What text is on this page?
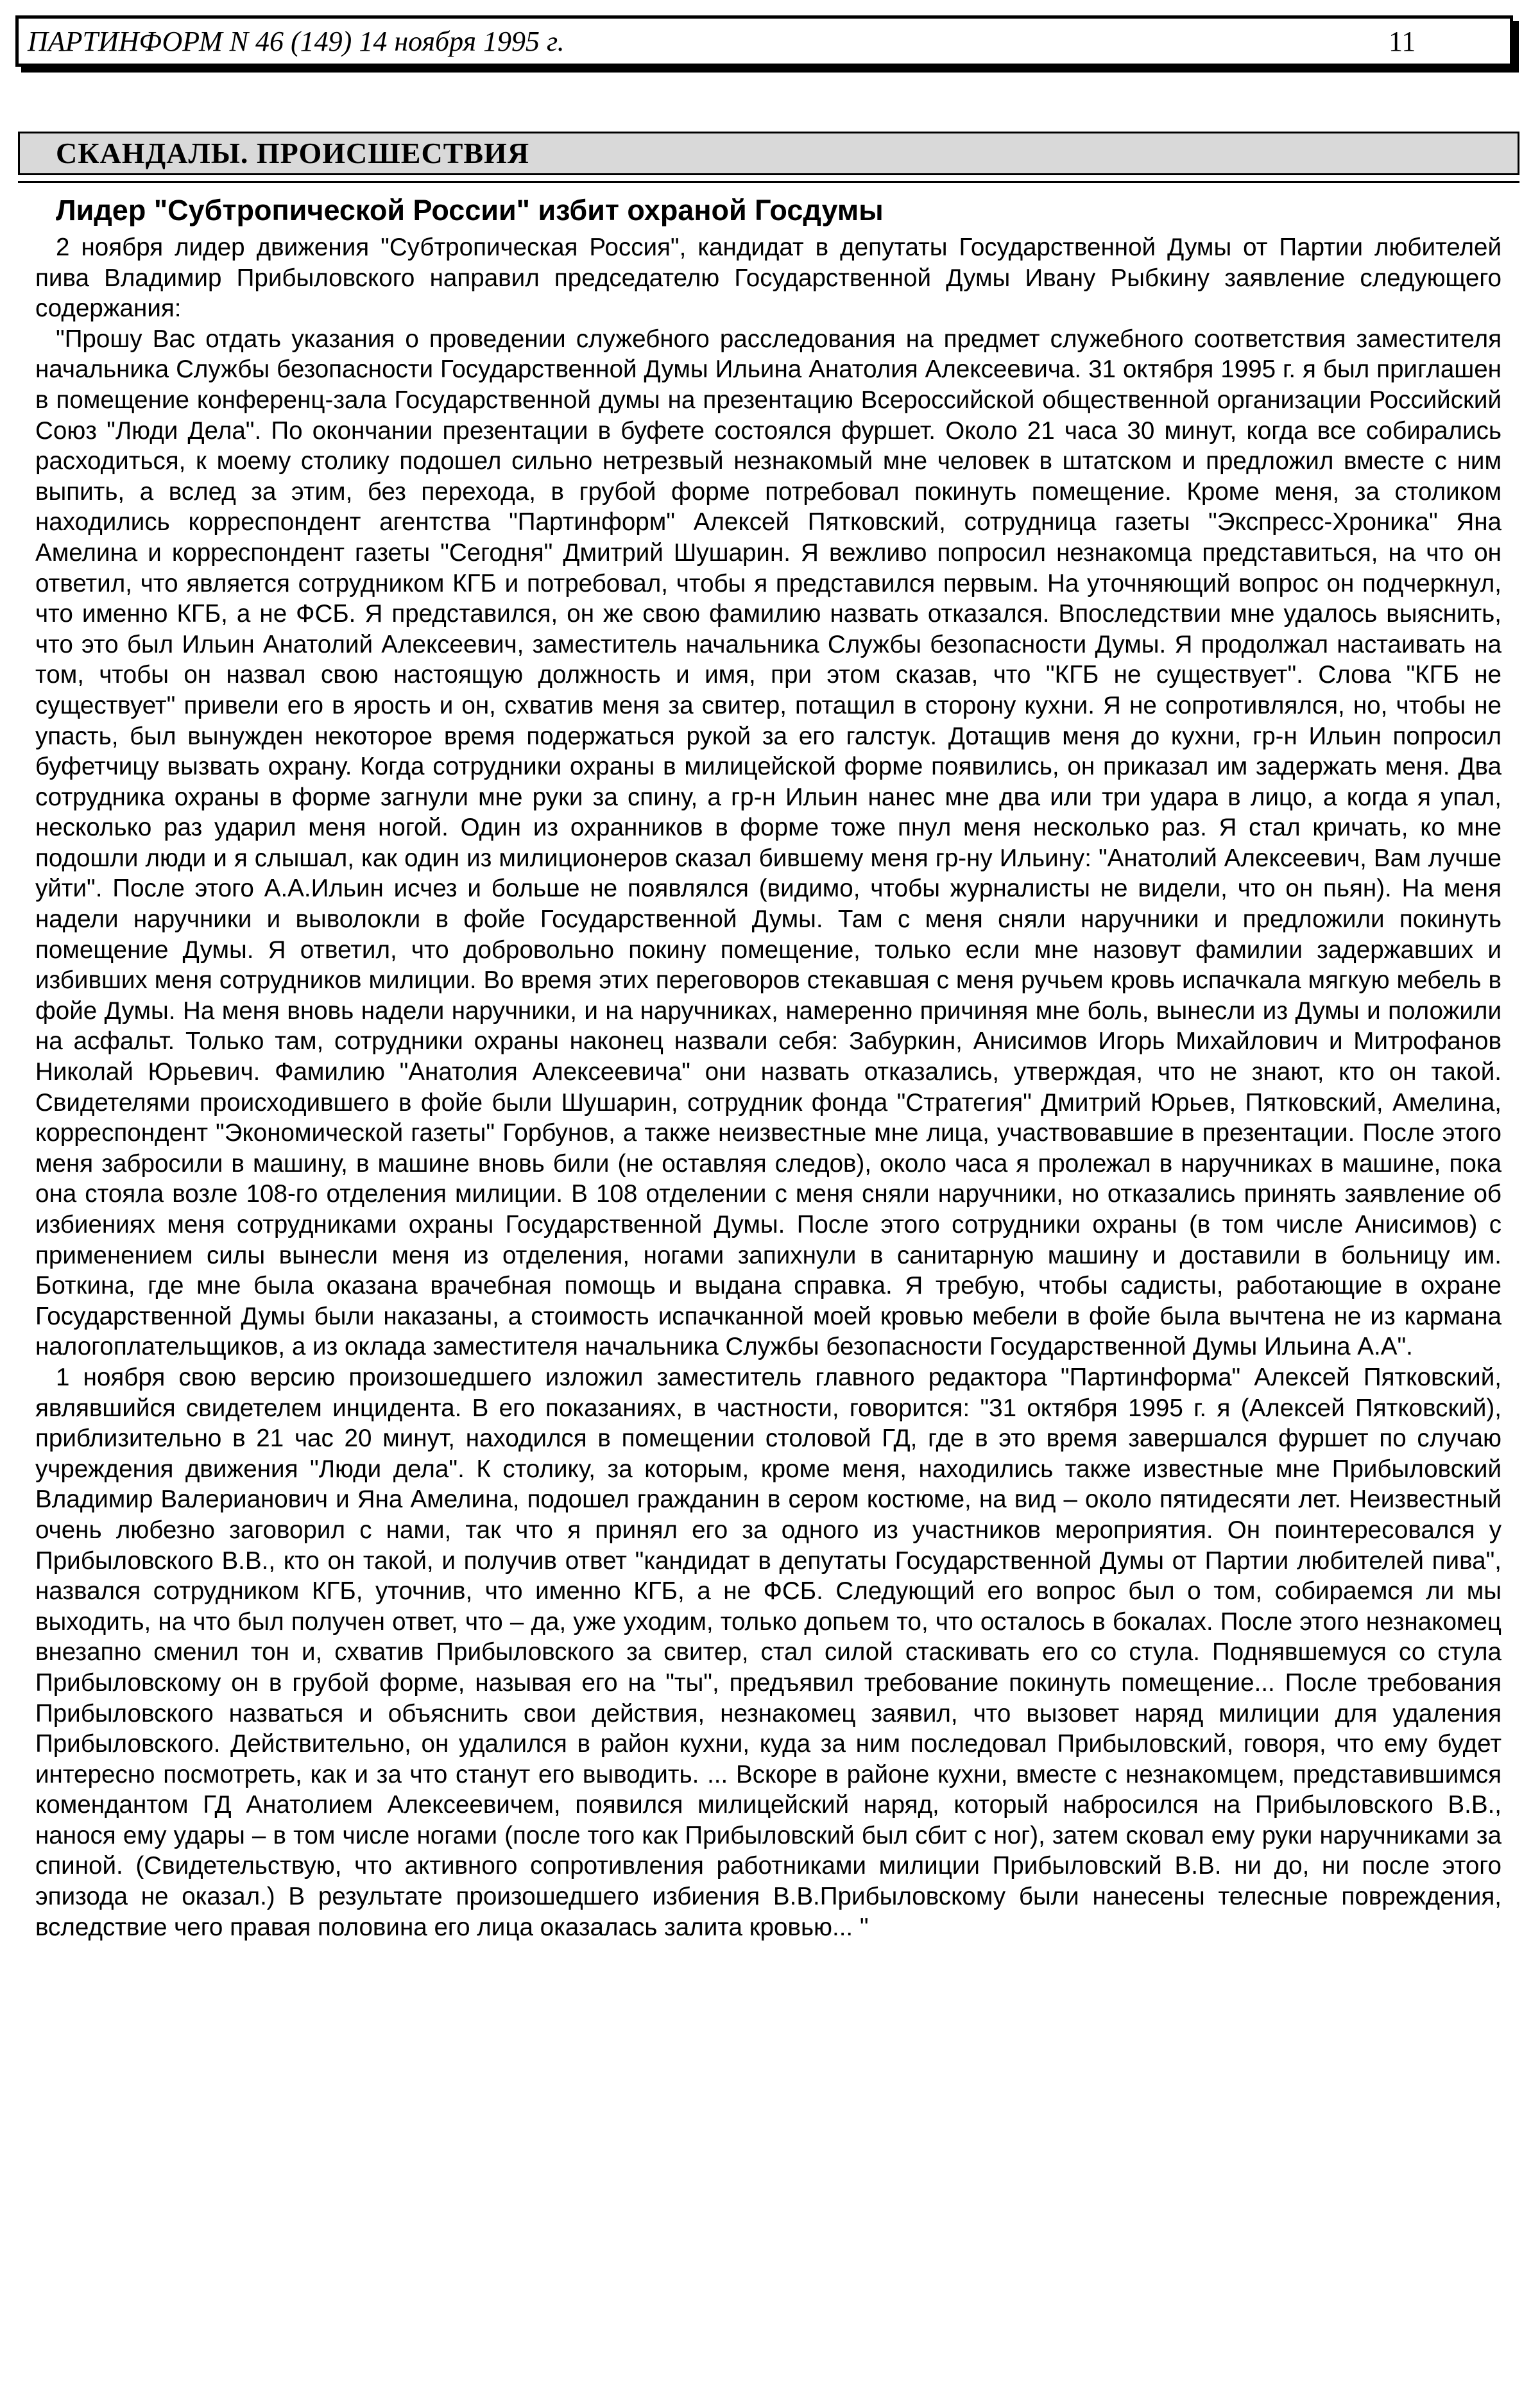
ПАРТИНФОРМ N 46 (149) 14 ноября 1995 г.	11
СКАНДАЛЫ. ПРОИСШЕСТВИЯ
Лидер "Субтропической России" избит охраной Госдумы

2 ноября лидер движения "Субтропическая Россия", кандидат в депутаты Государственной Думы от Партии любителей пива Владимир Прибыловского направил председателю Государственной Думы Ивану Рыбкину заявление следующего содержания:

"Прошу Вас отдать указания о проведении служебного расследования на предмет служебного соответствия заместителя начальника Службы безопасности Государственной Думы Ильина Анатолия Алексеевича. 31 октября 1995 г. я был приглашен в помещение конференц-зала Государственной думы на презентацию Всероссийской общественной организации Российский Союз "Люди Дела". По окончании презентации в буфете состоялся фуршет. Около 21 часа 30 минут, когда все собирались расходиться, к моему столику подошел сильно нетрезвый незнакомый мне человек в штатском и предложил вместе с ним выпить, а вслед за этим, без перехода, в грубой форме потребовал покинуть помещение. Кроме меня, за столиком находились корреспондент агентства "Партинформ" Алексей Пятковский, сотрудница газеты "Экспресс-Хроника" Яна Амелина и корреспондент газеты "Сегодня" Дмитрий Шушарин. Я вежливо попросил незнакомца представиться, на что он ответил, что является сотрудником КГБ и потребовал, чтобы я представился первым. На уточняющий вопрос он подчеркнул, что именно КГБ, а не ФСБ. Я представился, он же свою фамилию назвать отказался. Впоследствии мне удалось выяснить, что это был Ильин Анатолий Алексеевич, заместитель начальника Службы безопасности Думы. Я продолжал настаивать на том, чтобы он назвал свою настоящую должность и имя, при этом сказав, что "КГБ не существует". Слова "КГБ не существует" привели его в ярость и он, схватив меня за свитер, потащил в сторону кухни. Я не сопротивлялся, но, чтобы не упасть, был вынужден некоторое время подержаться рукой за его галстук. Дотащив меня до кухни, гр-н Ильин попросил буфетчицу вызвать охрану. Когда сотрудники охраны в милицейской форме появились, он приказал им задержать меня. Два сотрудника охраны в форме загнули мне руки за спину, а гр-н Ильин нанес мне два или три удара в лицо, а когда я упал, несколько раз ударил меня ногой. Один из охранников в форме тоже пнул меня несколько раз. Я стал кричать, ко мне подошли люди и я слышал, как один из милиционеров сказал бившему меня гр-ну Ильину: "Анатолий Алексеевич, Вам лучше уйти". После этого А.А.Ильин исчез и больше не появлялся (видимо, чтобы журналисты не видели, что он пьян). На меня надели наручники и выволокли в фойе Государственной Думы. Там с меня сняли наручники и предложили покинуть помещение Думы. Я ответил, что добровольно покину помещение, только если мне назовут фамилии задержавших и избивших меня сотрудников милиции. Во время этих переговоров стекавшая с меня ручьем кровь испачкала мягкую мебель в фойе Думы. На меня вновь надели наручники, и на наручниках, намеренно причиняя мне боль, вынесли из Думы и положили на асфальт. Только там, сотрудники охраны наконец назвали себя: Забуркин, Анисимов Игорь Михайлович и Митрофанов Николай Юрьевич. Фамилию "Анатолия Алексеевича" они назвать отказались, утверждая, что не знают, кто он такой. Свидетелями происходившего в фойе были Шушарин, сотрудник фонда "Стратегия" Дмитрий Юрьев, Пятковский, Амелина, корреспондент "Экономической газеты" Горбунов, а также неизвестные мне лица, участвовавшие в презентации. После этого меня забросили в машину, в машине вновь били (не оставляя следов), около часа я пролежал в наручниках в машине, пока она стояла возле 108-го отделения милиции. В 108 отделении с меня сняли наручники, но отказались принять заявление об избиениях меня сотрудниками охраны Государственной Думы. После этого сотрудники охраны (в том числе Анисимов) с применением силы вынесли меня из отделения, ногами запихнули в санитарную машину и доставили в больницу им. Боткина, где мне была оказана врачебная помощь и выдана справка. Я требую, чтобы садисты, работающие в охране Государственной Думы были наказаны, а стоимость испачканной моей кровью мебели в фойе была вычтена не из кармана налогоплательщиков, а из оклада заместителя начальника Службы безопасности Государственной Думы Ильина А.А".

1 ноября свою версию произошедшего изложил заместитель главного редактора "Партинформа" Алексей Пятковский, являвшийся свидетелем инцидента. В его показаниях, в частности, говорится: "31 октября 1995 г. я (Алексей Пятковский), приблизительно в 21 час 20 минут, находился в помещении столовой ГД, где в это время завершался фуршет по случаю учреждения движения "Люди дела". К столику, за которым, кроме меня, находились также известные мне Прибыловский Владимир Валерианович и Яна Амелина, подошел гражданин в сером костюме, на вид – около пятидесяти лет. Неизвестный очень любезно заговорил с нами, так что я принял его за одного из участников мероприятия. Он поинтересовался у Прибыловского В.В., кто он такой, и получив ответ "кандидат в депутаты Государственной Думы от Партии любителей пива", назвался сотрудником КГБ, уточнив, что именно КГБ, а не ФСБ. Следующий его вопрос был о том, собираемся ли мы выходить, на что был получен ответ, что – да, уже уходим, только допьем то, что осталось в бокалах. После этого незнакомец внезапно сменил тон и, схватив Прибыловского за свитер, стал силой стаскивать его со стула. Поднявшемуся со стула Прибыловскому он в грубой форме, называя его на "ты", предъявил требование покинуть помещение... После требования Прибыловского назваться и объяснить свои действия, незнакомец заявил, что вызовет наряд милиции для удаления Прибыловского. Действительно, он удалился в район кухни, куда за ним последовал Прибыловский, говоря, что ему будет интересно посмотреть, как и за что станут его выводить. ... Вскоре в районе кухни, вместе с незнакомцем, представившимся комендантом ГД Анатолием Алексеевичем, появился милицейский наряд, который набросился на Прибыловского В.В., нанося ему удары – в том числе ногами (после того как Прибыловский был сбит с ног), затем сковал ему руки наручниками за спиной. (Свидетельствую, что активного сопротивления работниками милиции Прибыловский В.В. ни до, ни после этого эпизода не оказал.) В результате произошедшего избиения В.В.Прибыловскому были нанесены телесные повреждения, вследствие чего правая половина его лица оказалась залита кровью... "
